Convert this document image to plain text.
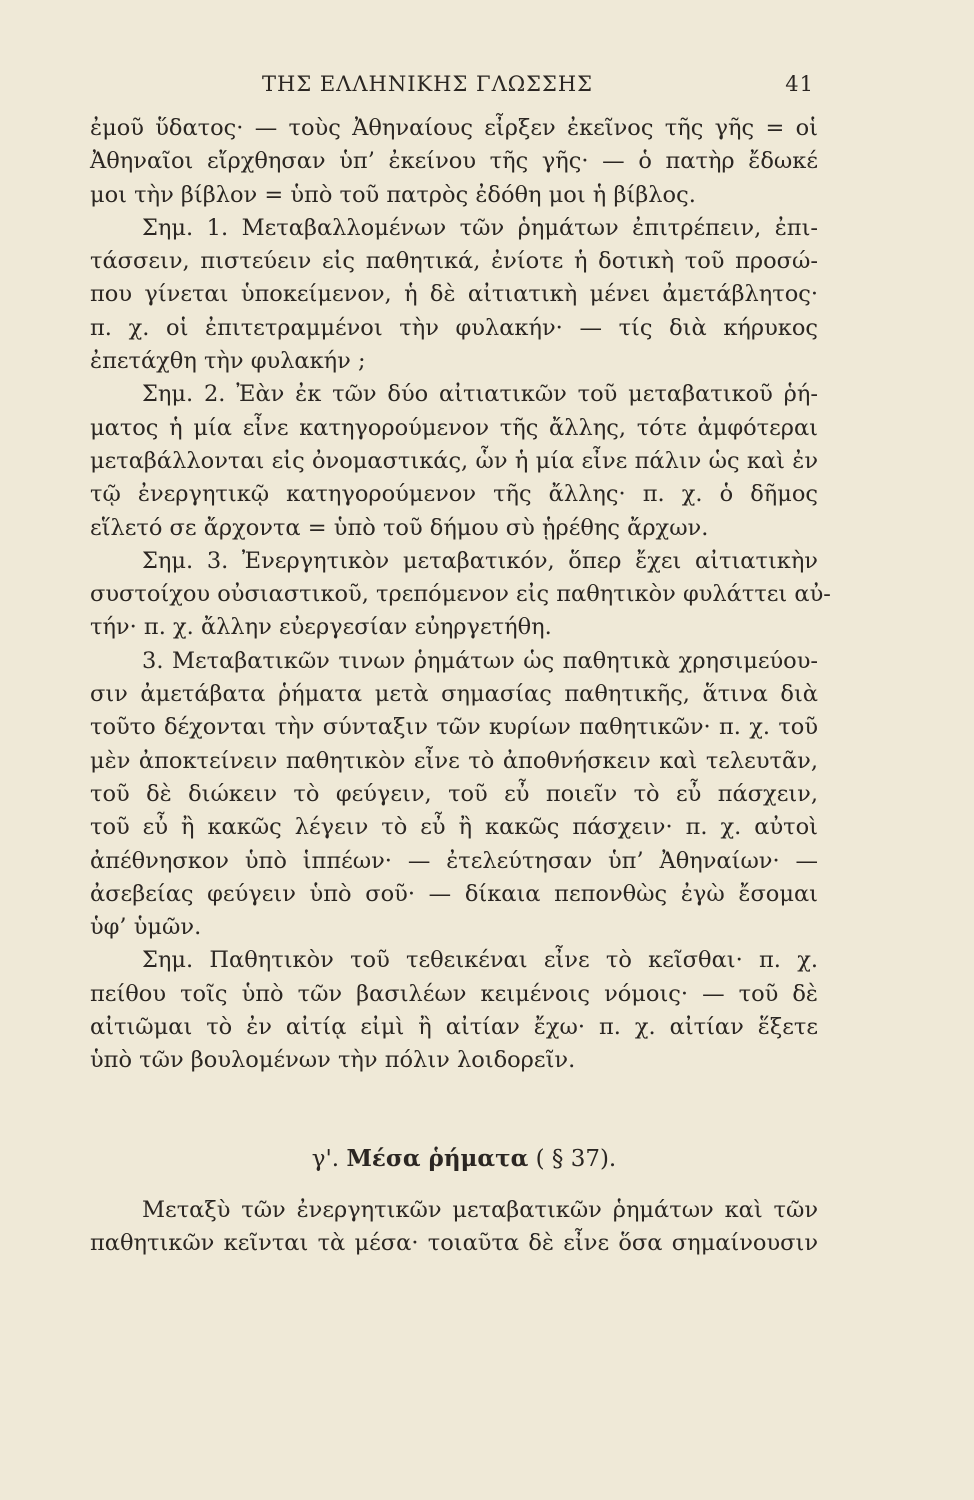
ΤΗΣ ΕΛΛΗΝΙΚΗΣ ΓΛΩΣΣΗΣ	41
ἐμοῦ ὕδατος· — τοὺς Ἀθηναίους εἶρξεν ἐκεῖνος τῆς γῆς = οἱ
Ἀθηναῖοι εἴρχθησαν ὑπ’ ἐκείνου τῆς γῆς· — ὁ πατὴρ ἔδωκέ
μοι τὴν βίβλον = ὑπὸ τοῦ πατρὸς ἐδόθη μοι ἡ βίβλος.
Σημ. 1. Μεταβαλλομένων τῶν ῥημάτων ἐπιτρέπειν, ἐπι-
τάσσειν, πιστεύειν εἰς παθητικά, ἐνίοτε ἡ δοτικὴ τοῦ προσώ-
που γίνεται ὑποκείμενον, ἡ δὲ αἰτιατικὴ μένει ἀμετάβλητος·
π. χ. οἱ ἐπιτετραμμένοι τὴν φυλακήν· — τίς διὰ κήρυκος
ἐπετάχθη τὴν φυλακήν ;
Σημ. 2. Ἐὰν ἐκ τῶν δύο αἰτιατικῶν τοῦ μεταβατικοῦ ῥή-
ματος ἡ μία εἶνε κατηγορούμενον τῆς ἄλλης, τότε ἀμφότεραι
μεταβάλλονται εἰς ὀνομαστικάς, ὧν ἡ μία εἶνε πάλιν ὡς καὶ ἐν
τῷ ἐνεργητικῷ κατηγορούμενον τῆς ἄλλης· π. χ. ὁ δῆμος
εἵλετό σε ἄρχοντα = ὑπὸ τοῦ δήμου σὺ ᾑρέθης ἄρχων.
Σημ. 3. Ἐνεργητικὸν μεταβατικόν, ὅπερ ἔχει αἰτιατικὴν
συστοίχου οὐσιαστικοῦ, τρεπόμενον εἰς παθητικὸν φυλάττει αὐ-
τήν· π. χ. ἄλλην εὐεργεσίαν εὐηργετήθη.
3. Μεταβατικῶν τινων ῥημάτων ὡς παθητικὰ χρησιμεύου-
σιν ἀμετάβατα ῥήματα μετὰ σημασίας παθητικῆς, ἅτινα διὰ
τοῦτο δέχονται τὴν σύνταξιν τῶν κυρίων παθητικῶν· π. χ. τοῦ
μὲν ἀποκτείνειν παθητικὸν εἶνε τὸ ἀποθνήσκειν καὶ τελευτᾶν,
τοῦ δὲ διώκειν τὸ φεύγειν, τοῦ εὖ ποιεῖν τὸ εὖ πάσχειν,
τοῦ εὖ ἢ κακῶς λέγειν τὸ εὖ ἢ κακῶς πάσχειν· π. χ. αὐτοὶ
ἀπέθνησκον ὑπὸ ἱππέων· — ἐτελεύτησαν ὑπ’ Ἀθηναίων· —
ἀσεβείας φεύγειν ὑπὸ σοῦ· — δίκαια πεπονθὼς ἐγὼ ἔσομαι
ὑφ’ ὑμῶν.
Σημ. Παθητικὸν τοῦ τεθεικέναι εἶνε τὸ κεῖσθαι· π. χ.
πείθου τοῖς ὑπὸ τῶν βασιλέων κειμένοις νόμοις· — τοῦ δὲ
αἰτιῶμαι τὸ ἐν αἰτίᾳ εἰμὶ ἢ αἰτίαν ἔχω· π. χ. αἰτίαν ἕξετε
ὑπὸ τῶν βουλομένων τὴν πόλιν λοιδορεῖν.
γ'. Μέσα ῥήματα ( § 37).
Μεταξὺ τῶν ἐνεργητικῶν μεταβατικῶν ῥημάτων καὶ τῶν
παθητικῶν κεῖνται τὰ μέσα· τοιαῦτα δὲ εἶνε ὅσα σημαίνουσιν
